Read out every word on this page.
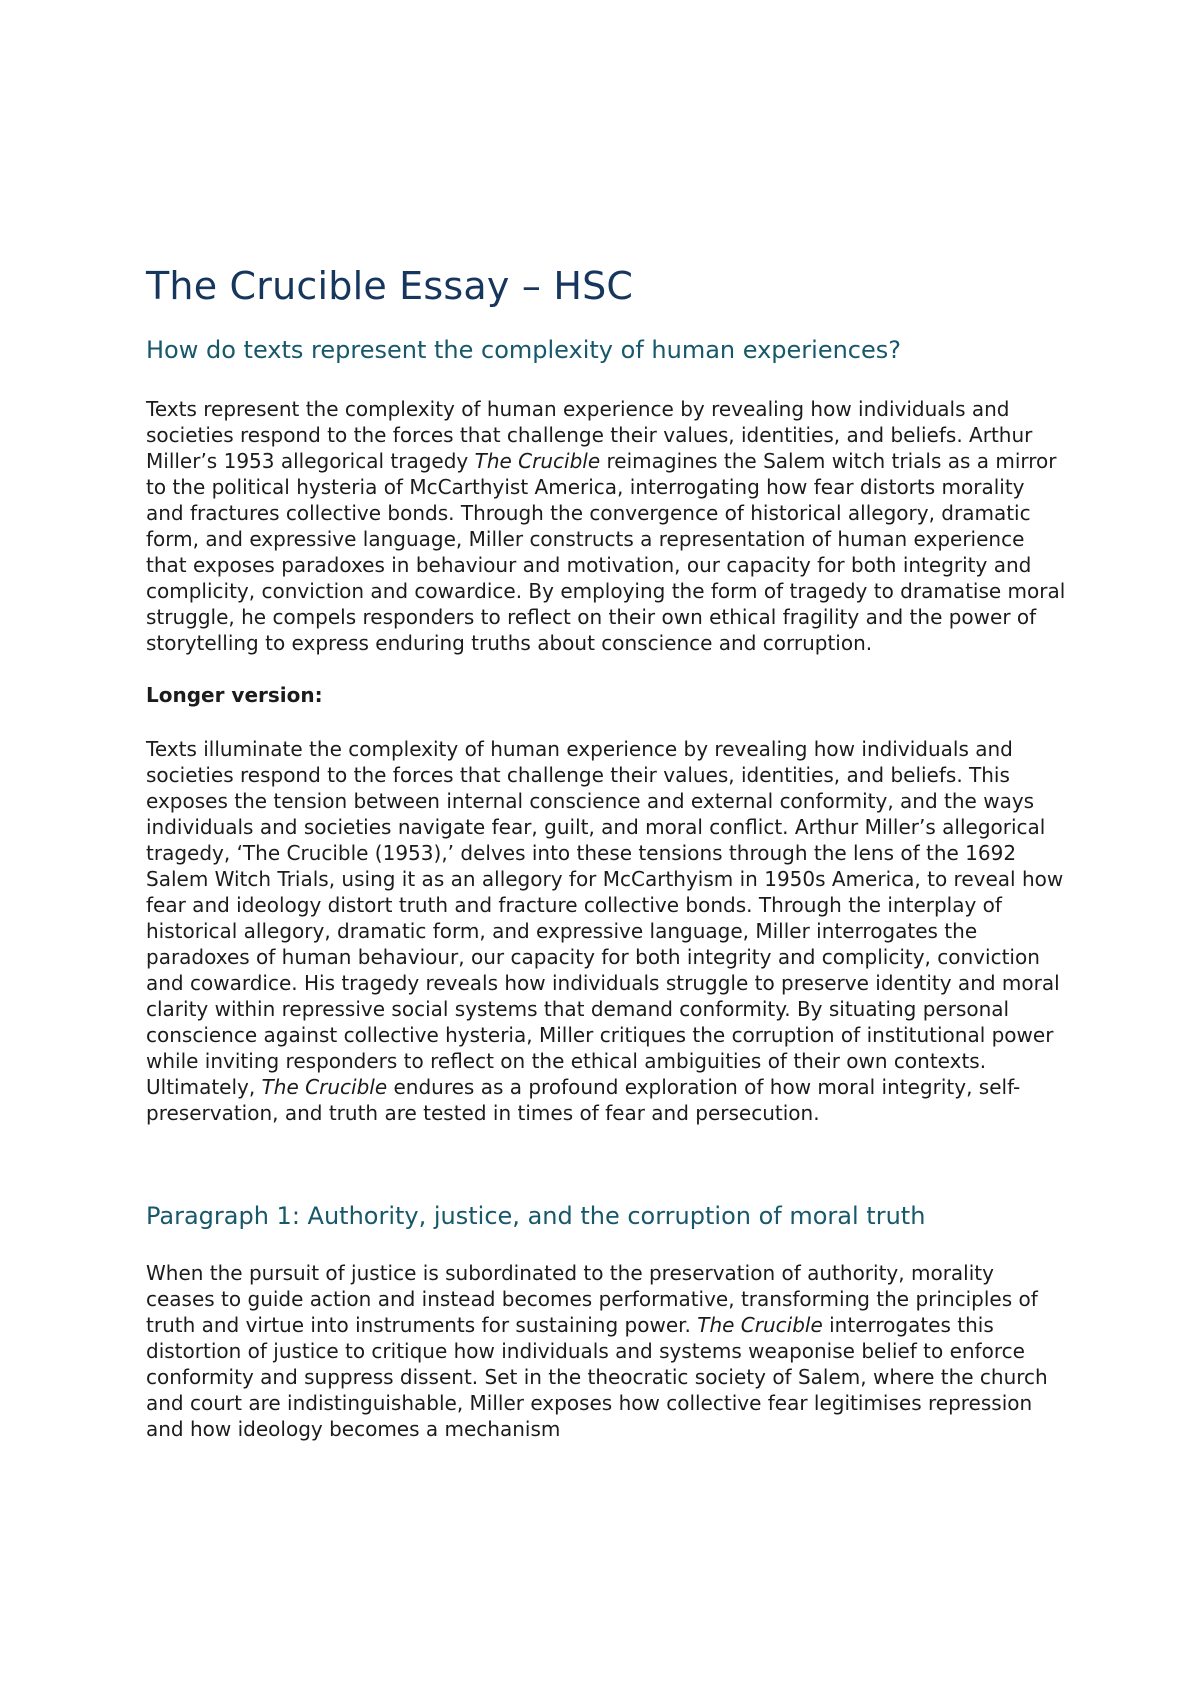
The Crucible Essay – HSC
How do texts represent the complexity of human experiences?

Texts represent the complexity of human experience by revealing how individuals and societies respond to the forces that challenge their values, identities, and beliefs. Arthur Miller’s 1953 allegorical tragedy The Crucible reimagines the Salem witch trials as a mirror to the political hysteria of McCarthyist America, interrogating how fear distorts morality and fractures collective bonds. Through the convergence of historical allegory, dramatic form, and expressive language, Miller constructs a representation of human experience that exposes paradoxes in behaviour and motivation, our capacity for both integrity and complicity, conviction and cowardice. By employing the form of tragedy to dramatise moral struggle, he compels responders to reflect on their own ethical fragility and the power of storytelling to express enduring truths about conscience and corruption.

Longer version:

Texts illuminate the complexity of human experience by revealing how individuals and societies respond to the forces that challenge their values, identities, and beliefs. This exposes the tension between internal conscience and external conformity, and the ways individuals and societies navigate fear, guilt, and moral conflict. Arthur Miller’s allegorical tragedy, ‘The Crucible (1953),’ delves into these tensions through the lens of the 1692 Salem Witch Trials, using it as an allegory for McCarthyism in 1950s America, to reveal how fear and ideology distort truth and fracture collective bonds. Through the interplay of historical allegory, dramatic form, and expressive language, Miller interrogates the paradoxes of human behaviour, our capacity for both integrity and complicity, conviction and cowardice. His tragedy reveals how individuals struggle to preserve identity and moral clarity within repressive social systems that demand conformity. By situating personal conscience against collective hysteria, Miller critiques the corruption of institutional power while inviting responders to reflect on the ethical ambiguities of their own contexts. Ultimately, The Crucible endures as a profound exploration of how moral integrity, self-preservation, and truth are tested in times of fear and persecution.

Paragraph 1: Authority, justice, and the corruption of moral truth

When the pursuit of justice is subordinated to the preservation of authority, morality ceases to guide action and instead becomes performative, transforming the principles of truth and virtue into instruments for sustaining power. The Crucible interrogates this distortion of justice to critique how individuals and systems weaponise belief to enforce conformity and suppress dissent. Set in the theocratic society of Salem, where the church and court are indistinguishable, Miller exposes how collective fear legitimises repression and how ideology becomes a mechanism
